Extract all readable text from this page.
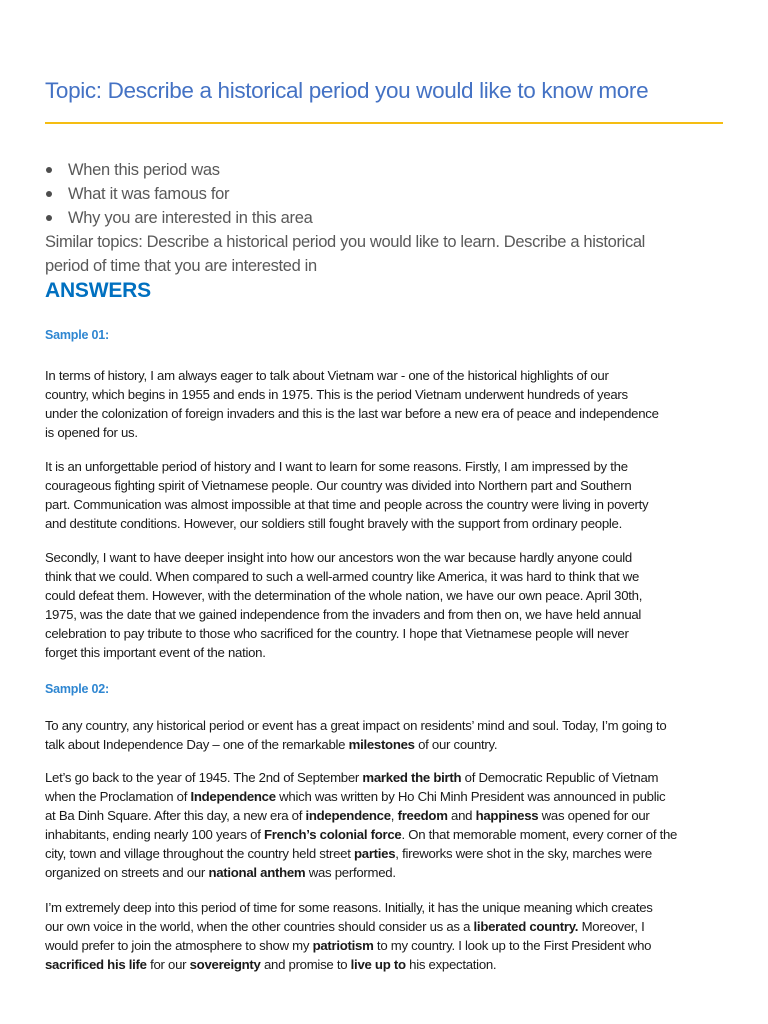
Topic: Describe a historical period you would like to know more
When this period was
What it was famous for
Why you are interested in this area
Similar topics: Describe a historical period you would like to learn. Describe a historical
period of time that you are interested in
ANSWERS
Sample 01:
In terms of history, I am always eager to talk about Vietnam war - one of the historical highlights of our
country, which begins in 1955 and ends in 1975. This is the period Vietnam underwent hundreds of years
under the colonization of foreign invaders and this is the last war before a new era of peace and independence
is opened for us.
It is an unforgettable period of history and I want to learn for some reasons. Firstly, I am impressed by the
courageous fighting spirit of Vietnamese people. Our country was divided into Northern part and Southern
part. Communication was almost impossible at that time and people across the country were living in poverty
and destitute conditions. However, our soldiers still fought bravely with the support from ordinary people.
Secondly, I want to have deeper insight into how our ancestors won the war because hardly anyone could
think that we could. When compared to such a well-armed country like America, it was hard to think that we
could defeat them. However, with the determination of the whole nation, we have our own peace. April 30th,
1975, was the date that we gained independence from the invaders and from then on, we have held annual
celebration to pay tribute to those who sacrificed for the country. I hope that Vietnamese people will never
forget this important event of the nation.
Sample 02:
To any country, any historical period or event has a great impact on residents’ mind and soul. Today, I’m going to
talk about Independence Day – one of the remarkable milestones of our country.
Let’s go back to the year of 1945. The 2nd of September marked the birth of Democratic Republic of Vietnam
when the Proclamation of Independence which was written by Ho Chi Minh President was announced in public
at Ba Dinh Square. After this day, a new era of independence, freedom and happiness was opened for our
inhabitants, ending nearly 100 years of French’s colonial force. On that memorable moment, every corner of the
city, town and village throughout the country held street parties, fireworks were shot in the sky, marches were
organized on streets and our national anthem was performed.
I’m extremely deep into this period of time for some reasons. Initially, it has the unique meaning which creates
our own voice in the world, when the other countries should consider us as a liberated country. Moreover, I
would prefer to join the atmosphere to show my patriotism to my country. I look up to the First President who
sacrificed his life for our sovereignty and promise to live up to his expectation.
